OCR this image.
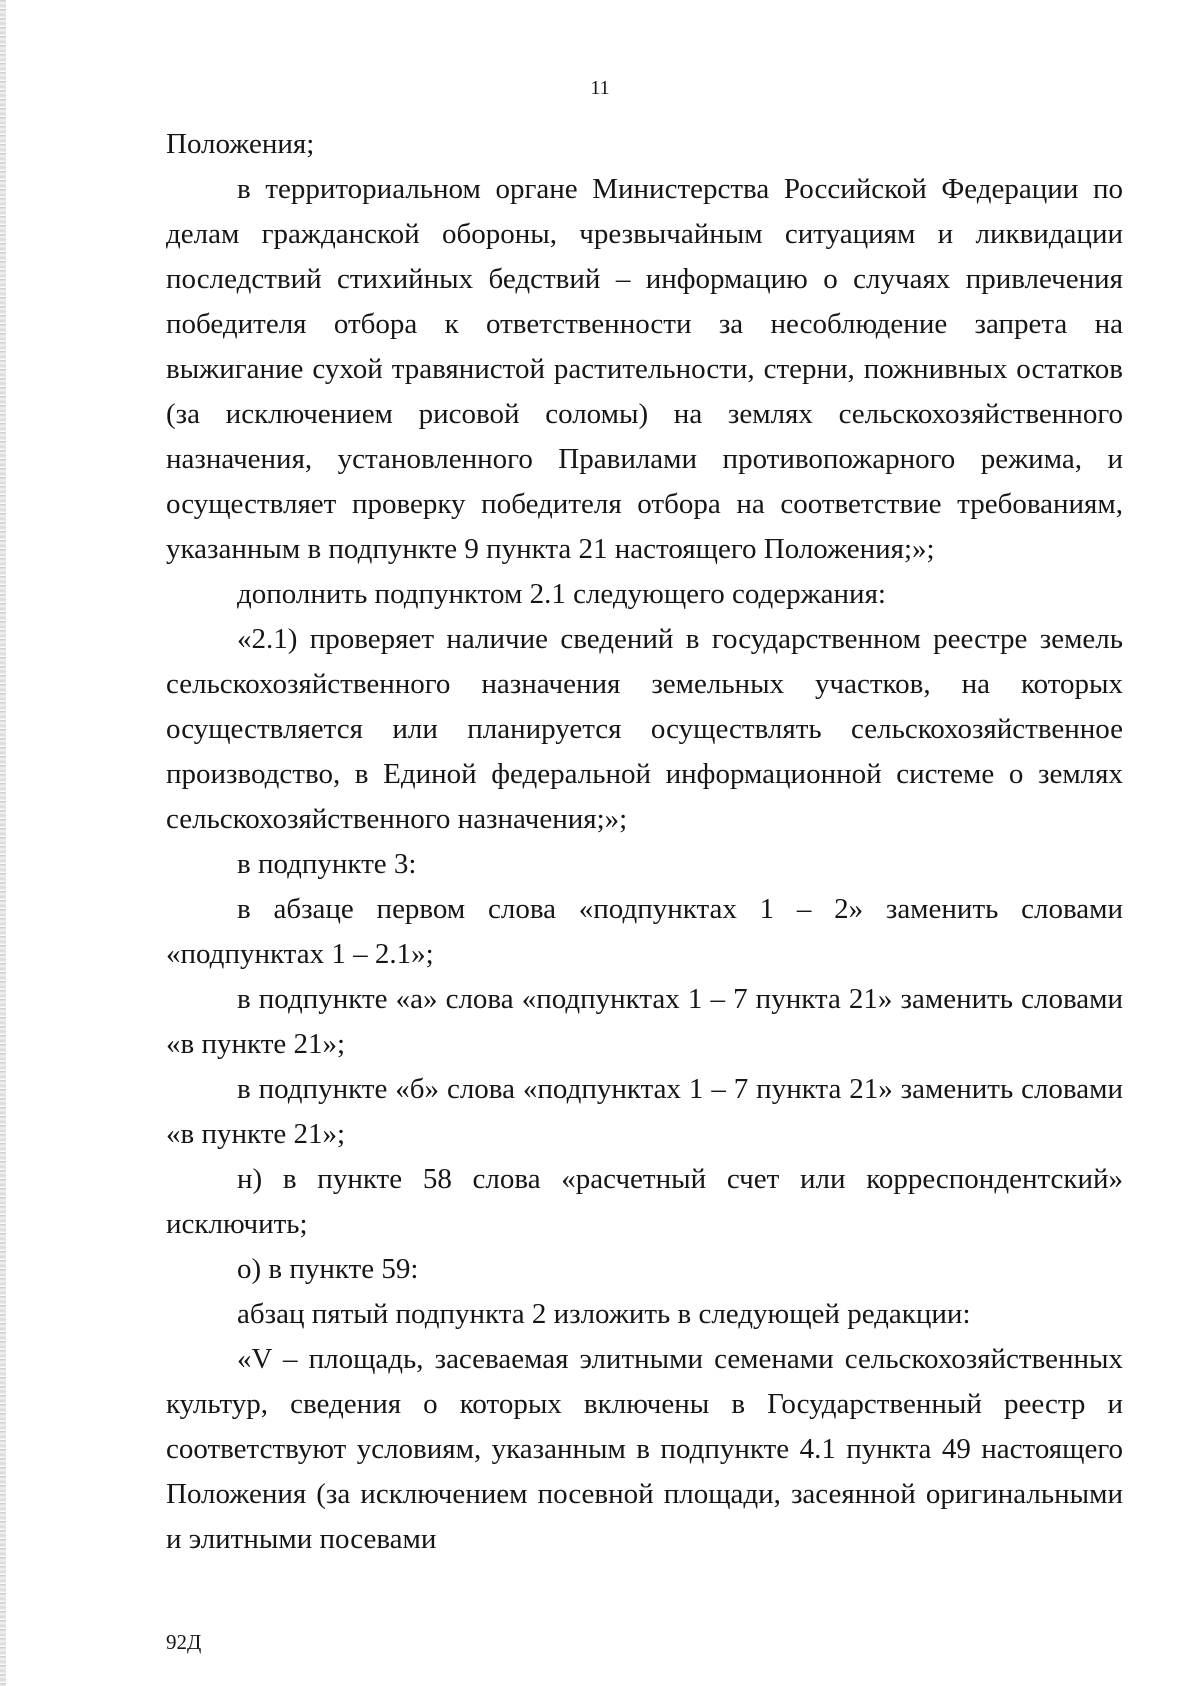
11

Положения;

в территориальном органе Министерства Российской Федерации по делам гражданской обороны, чрезвычайным ситуациям и ликвидации последствий стихийных бедствий – информацию о случаях привлечения победителя отбора к ответственности за несоблюдение запрета на выжигание сухой травянистой растительности, стерни, пожнивных остатков (за исключением рисовой соломы) на землях сельскохозяйственного назначения, установленного Правилами противопожарного режима, и осуществляет проверку победителя отбора на соответствие требованиям, указанным в подпункте 9 пункта 21 настоящего Положения;»;

дополнить подпунктом 2.1 следующего содержания:

«2.1) проверяет наличие сведений в государственном реестре земель сельскохозяйственного назначения земельных участков, на которых осуществляется или планируется осуществлять сельскохозяйственное производство, в Единой федеральной информационной системе о землях сельскохозяйственного назначения;»;

в подпункте 3:

в абзаце первом слова «подпунктах 1 – 2» заменить словами «подпунктах 1 – 2.1»;

в подпункте «а» слова «подпунктах 1 – 7 пункта 21» заменить словами «в пункте 21»;

в подпункте «б» слова «подпунктах 1 – 7 пункта 21» заменить словами «в пункте 21»;

н) в пункте 58 слова «расчетный счет или корреспондентский» исключить;

о) в пункте 59:

абзац пятый подпункта 2 изложить в следующей редакции:

«V – площадь, засеваемая элитными семенами сельскохозяйственных культур, сведения о которых включены в Государственный реестр и соответствуют условиям, указанным в подпункте 4.1 пункта 49 настоящего Положения (за исключением посевной площади, засеянной оригинальными и элитными посевами

92Д
